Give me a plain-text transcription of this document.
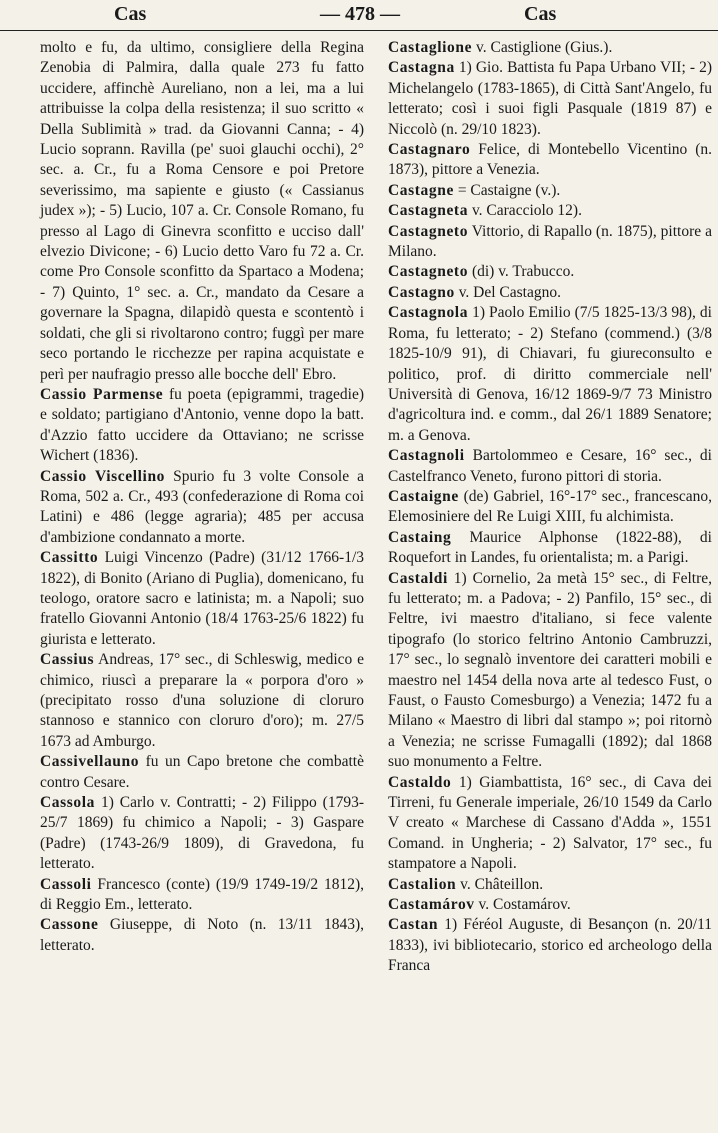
Cas	— 478 —	Cas

molto e fu, da ultimo, consigliere della Regina Zenobia di Palmira, dalla quale 273 fu fatto uccidere, affinchè Aureliano, non a lei, ma a lui attribuisse la colpa della resistenza; il suo scritto « Della Sublimità » trad. da Giovanni Canna; - 4) Lucio soprann. Ravilla (pe' suoi glauchi occhi), 2° sec. a. Cr., fu a Roma Censore e poi Pretore severissimo, ma sapiente e giusto (« Cassianus judex »); - 5) Lucio, 107 a. Cr. Console Romano, fu presso al Lago di Ginevra sconfitto e ucciso dall' elvezio Divicone; - 6) Lucio detto Varo fu 72 a. Cr. come Pro Console sconfitto da Spartaco a Modena; - 7) Quinto, 1° sec. a. Cr., mandato da Cesare a governare la Spagna, dilapidò questa e scontentò i soldati, che gli si rivoltarono contro; fuggì per mare seco portando le ricchezze per rapina acquistate e perì per naufragio presso alle bocche dell' Ebro.

Cassio Parmense fu poeta (epigrammi, tragedie) e soldato; partigiano d'Antonio, venne dopo la batt. d'Azzio fatto uccidere da Ottaviano; ne scrisse Wichert (1836).

Cassio Viscellino Spurio fu 3 volte Console a Roma, 502 a. Cr., 493 (confederazione di Roma coi Latini) e 486 (legge agraria); 485 per accusa d'ambizione condannato a morte.

Cassitto Luigi Vincenzo (Padre) (31/12 1766-1/3 1822), di Bonito (Ariano di Puglia), domenicano, fu teologo, oratore sacro e latinista; m. a Napoli; suo fratello Giovanni Antonio (18/4 1763-25/6 1822) fu giurista e letterato.

Cassius Andreas, 17° sec., di Schleswig, medico e chimico, riuscì a preparare la « porpora d'oro » (precipitato rosso d'una soluzione di cloruro stannoso e stannico con cloruro d'oro); m. 27/5 1673 ad Amburgo.

Cassivellauno fu un Capo bretone che combattè contro Cesare.

Cassola 1) Carlo v. Contratti; - 2) Filippo (1793-25/7 1869) fu chimico a Napoli; - 3) Gaspare (Padre) (1743-26/9 1809), di Gravedona, fu letterato.

Cassoli Francesco (conte) (19/9 1749-19/2 1812), di Reggio Em., letterato.

Cassone Giuseppe, di Noto (n. 13/11 1843), letterato.

Castaglione v. Castiglione (Gius.).

Castagna 1) Gio. Battista fu Papa Urbano VII; - 2) Michelangelo (1783-1865), di Città Sant'Angelo, fu letterato; così i suoi figli Pasquale (1819 87) e Niccolò (n. 29/10 1823).

Castagnaro Felice, di Montebello Vicentino (n. 1873), pittore a Venezia.

Castagne = Castaigne (v.).

Castagneta v. Caracciolo 12).

Castagneto Vittorio, di Rapallo (n. 1875), pittore a Milano.

Castagneto (di) v. Trabucco.

Castagno v. Del Castagno.

Castagnola 1) Paolo Emilio (7/5 1825-13/3 98), di Roma, fu letterato; - 2) Stefano (commend.) (3/8 1825-10/9 91), di Chiavari, fu giureconsulto e politico, prof. di diritto commerciale nell' Università di Genova, 16/12 1869-9/7 73 Ministro d'agricoltura ind. e comm., dal 26/1 1889 Senatore; m. a Genova.

Castagnoli Bartolommeo e Cesare, 16° sec., di Castelfranco Veneto, furono pittori di storia.

Castaigne (de) Gabriel, 16°-17° sec., francescano, Elemosiniere del Re Luigi XIII, fu alchimista.

Castaing Maurice Alphonse (1822-88), di Roquefort in Landes, fu orientalista; m. a Parigi.

Castaldi 1) Cornelio, 2a metà 15° sec., di Feltre, fu letterato; m. a Padova; - 2) Panfilo, 15° sec., di Feltre, ivi maestro d'italiano, si fece valente tipografo (lo storico feltrino Antonio Cambruzzi, 17° sec., lo segnalò inventore dei caratteri mobili e maestro nel 1454 della nova arte al tedesco Fust, o Faust, o Fausto Comesburgo) a Venezia; 1472 fu a Milano « Maestro di libri dal stampo »; poi ritornò a Venezia; ne scrisse Fumagalli (1892); dal 1868 suo monumento a Feltre.

Castaldo 1) Giambattista, 16° sec., di Cava dei Tirreni, fu Generale imperiale, 26/10 1549 da Carlo V creato « Marchese di Cassano d'Adda », 1551 Comand. in Ungheria; - 2) Salvator, 17° sec., fu stampatore a Napoli.

Castalion v. Châteillon.

Castamárov v. Costamárov.

Castan 1) Féréol Auguste, di Besançon (n. 20/11 1833), ivi bibliotecario, storico ed archeologo della Franca
